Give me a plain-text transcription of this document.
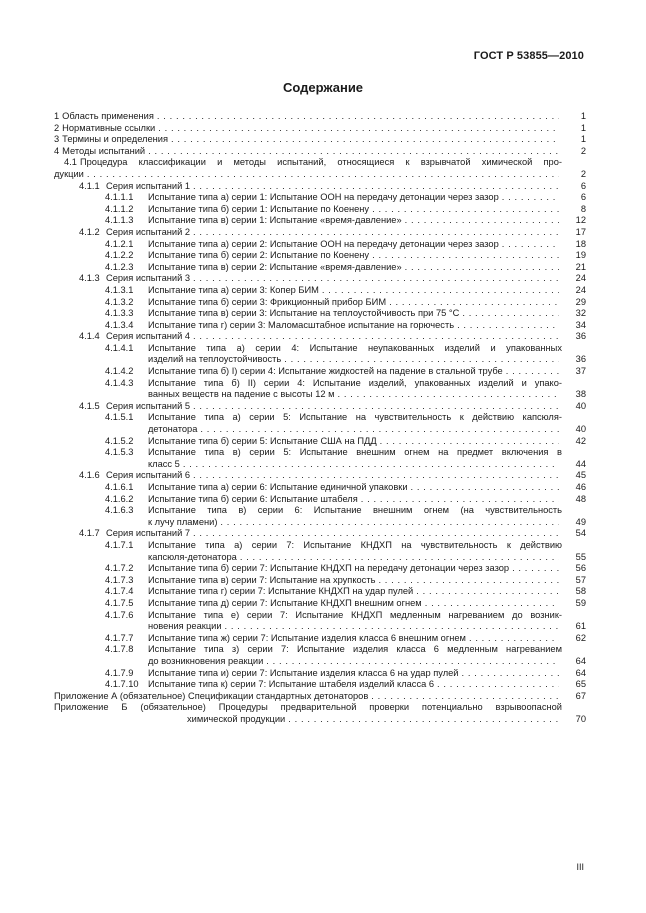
ГОСТ Р 53855—2010
Содержание
1 Область применения . . .	1
2 Нормативные ссылки . . .	1
3 Термины и определения . . .	1
4 Методы испытаний . . .	2
4.1 Процедура классификации и методы испытаний, относящиеся к взрывчатой химической про-
дукции . . .	2
4.1.1 Серия испытаний 1 . . .	6
4.1.1.1	Испытание типа а) серии 1: Испытание ООН на передачу детонации через зазор . . .	6
4.1.1.2	Испытание типа б) серии 1: Испытание по Коенену . . .	8
4.1.1.3	Испытание типа в) серии 1: Испытание «время-давление» . . .	12
4.1.2 Серия испытаний 2 . . .	17
4.1.2.1	Испытание типа а) серии 2: Испытание ООН на передачу детонации через зазор . . .	18
4.1.2.2	Испытание типа б) серии 2: Испытание по Коенену . . .	19
4.1.2.3	Испытание типа в) серии 2: Испытание «время-давление» . . .	21
4.1.3 Серия испытаний 3 . . .	24
4.1.3.1	Испытание типа а) серии 3: Копер БИМ . . .	24
4.1.3.2	Испытание типа б) серии 3: Фрикционный прибор БИМ . . .	29
4.1.3.3	Испытание типа в) серии 3: Испытание на теплоустойчивость при 75 °С . . .	32
4.1.3.4	Испытание типа г) серии 3: Маломасштабное испытание на горючесть . . .	34
4.1.4 Серия испытаний 4 . . .	36
4.1.4.1	Испытание типа а) серии 4: Испытание неупакованных изделий и упакованных
изделий на теплоустойчивость . . .	36
4.1.4.2	Испытание типа б) I) серии 4: Испытание жидкостей на падение в стальной трубе . . .	37
4.1.4.3	Испытание типа б) II) серии 4: Испытание изделий, упакованных изделий и упако-
ванных веществ на падение с высоты 12 м . . .	38
4.1.5 Серия испытаний 5 . . .	40
4.1.5.1	Испытание типа а) серии 5: Испытание на чувствительность к действию капсюля-
детонатора . . .	40
4.1.5.2	Испытание типа б) серии 5: Испытание США на ПДД . . .	42
4.1.5.3	Испытание типа в) серии 5: Испытание внешним огнем на предмет включения в
класс 5 . . .	44
4.1.6 Серия испытаний 6 . . .	45
4.1.6.1	Испытание типа а) серии 6: Испытание единичной упаковки . . .	46
4.1.6.2	Испытание типа б) серии 6: Испытание штабеля . . .	48
4.1.6.3	Испытание типа в) серии 6: Испытание внешним огнем (на чувствительность
к лучу пламени) . . .	49
4.1.7 Серия испытаний 7 . . .	54
4.1.7.1	Испытание типа а) серии 7: Испытание КНДХП на чувствительность к действию
капсюля-детонатора . . .	55
4.1.7.2	Испытание типа б) серии 7: Испытание КНДХП на передачу детонации через зазор . . .	56
4.1.7.3	Испытание типа в) серии 7: Испытание на хрупкость . . .	57
4.1.7.4	Испытание типа г) серии 7: Испытание КНДХП на удар пулей . . .	58
4.1.7.5	Испытание типа д) серии 7: Испытание КНДХП внешним огнем . . .	59
4.1.7.6	Испытание типа е) серии 7: Испытание КНДХП медленным нагреванием до возник-
новения реакции . . .	61
4.1.7.7	Испытание типа ж) серии 7: Испытание изделия класса 6 внешним огнем . . .	62
4.1.7.8	Испытание типа з) серии 7: Испытание изделия класса 6 медленным нагреванием
до возникновения реакции . . .	64
4.1.7.9	Испытание типа и) серии 7: Испытание изделия класса 6 на удар пулей . . .	64
4.1.7.10	Испытание типа к) серии 7: Испытание штабеля изделий класса 6 . . .	65
Приложение А (обязательное) Спецификации стандартных детонаторов . . .	67
Приложение Б (обязательное) Процедуры предварительной проверки потенциально взрывоопасной
химической продукции . . .	70
III
